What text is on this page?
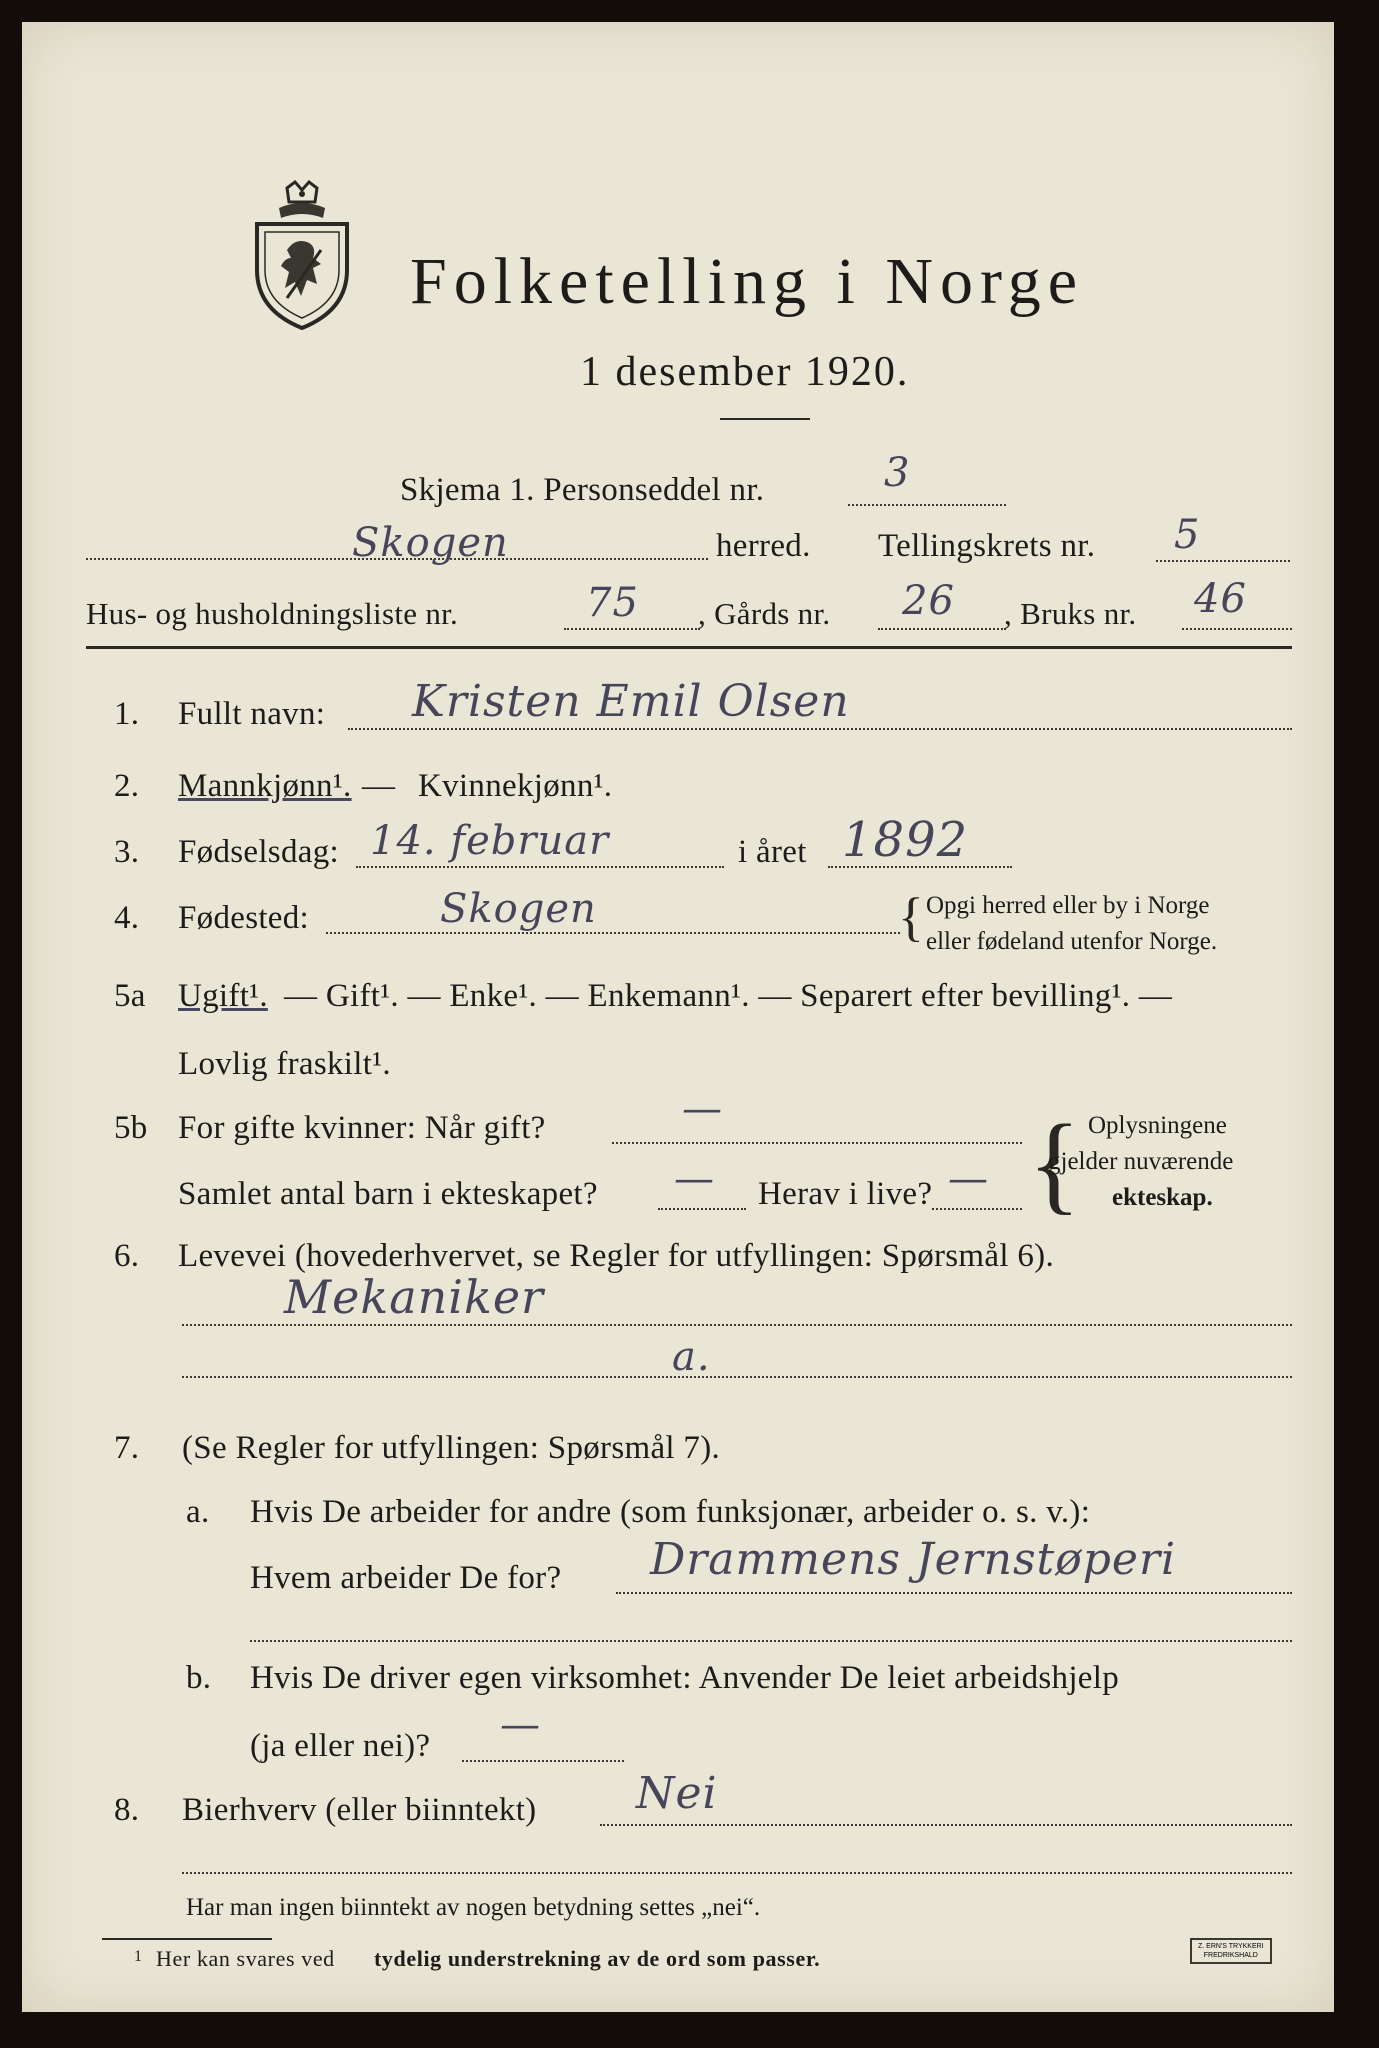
Folketelling i Norge
1 desember 1920.
Skjema 1. Personseddel nr.	3
Skogen	herred. Tellingskrets nr. 5
Hus- og husholdningsliste nr.	75 , Gårds nr. 26 , Bruks nr. 46
1. Fullt navn: Kristen Emil Olsen
2. Mannkjønn¹. — Kvinnekjønn¹.
3. Fødselsdag: 14. februar	i året 1892
4. Fødested:	Skogen	{ Opgi herred eller by i Norge
eller fødeland utenfor Norge.
5a Ugift¹. — Gift¹. — Enke¹. — Enkemann¹. — Separert efter bevilling¹. —
Lovlig fraskilt¹.
5b For gifte kvinner: Når gift?	—
Samlet antal barn i ekteskapet? — Herav i live? — { Oplysningene
gjelder nuværende
ekteskap.
6. Levevei (hovederhvervet, se Regler for utfyllingen: Spørsmål 6).
Mekaniker
a.
7. (Se Regler for utfyllingen: Spørsmål 7).
a. Hvis De arbeider for andre (som funksjonær, arbeider o. s. v.):
Hvem arbeider De for? Drammens Jernstøperi
b. Hvis De driver egen virksomhet: Anvender De leiet arbeidshjelp
(ja eller nei)? —
8. Bierhverv (eller biinntekt) Nei
Har man ingen biinntekt av nogen betydning settes „nei“.
1 Her kan svares ved tydelig understrekning av de ord som passer.	Z. ERN'S TRYKKERI
FREDRIKSHALD
